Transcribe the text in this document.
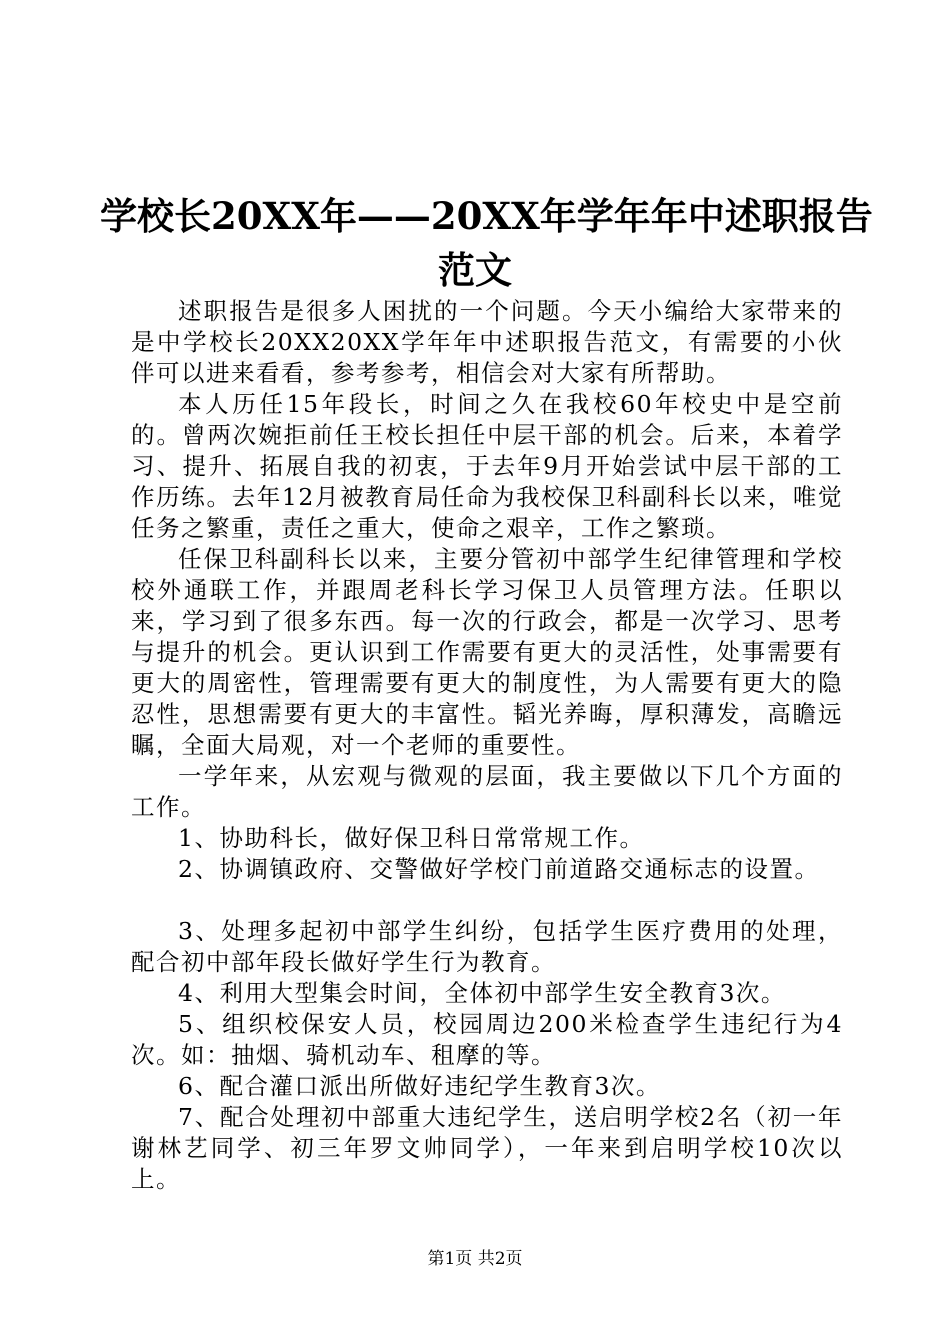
学校长20XX年——20XX年学年年中述职报告
范文

述职报告是很多人困扰的一个问题。今天小编给大家带来的是中学校长20XX20XX学年年中述职报告范文，有需要的小伙伴可以进来看看，参考参考，相信会对大家有所帮助。

本人历任15年段长，时间之久在我校60年校史中是空前的。曾两次婉拒前任王校长担任中层干部的机会。后来，本着学习、提升、拓展自我的初衷，于去年9月开始尝试中层干部的工作历练。去年12月被教育局任命为我校保卫科副科长以来，唯觉任务之繁重，责任之重大，使命之艰辛，工作之繁琐。

任保卫科副科长以来，主要分管初中部学生纪律管理和学校校外通联工作，并跟周老科长学习保卫人员管理方法。任职以来，学习到了很多东西。每一次的行政会，都是一次学习、思考与提升的机会。更认识到工作需要有更大的灵活性，处事需要有更大的周密性，管理需要有更大的制度性，为人需要有更大的隐忍性，思想需要有更大的丰富性。韬光养晦，厚积薄发，高瞻远瞩，全面大局观，对一个老师的重要性。

一学年来，从宏观与微观的层面，我主要做以下几个方面的工作。

1、协助科长，做好保卫科日常常规工作。

2、协调镇政府、交警做好学校门前道路交通标志的设置。

3、处理多起初中部学生纠纷，包括学生医疗费用的处理，配合初中部年段长做好学生行为教育。

4、利用大型集会时间，全体初中部学生安全教育3次。

5、组织校保安人员，校园周边200米检查学生违纪行为4次。如：抽烟、骑机动车、租摩的等。

6、配合灌口派出所做好违纪学生教育3次。

7、配合处理初中部重大违纪学生，送启明学校2名（初一年谢林艺同学、初三年罗文帅同学），一年来到启明学校10次以上。

第1页 共2页
